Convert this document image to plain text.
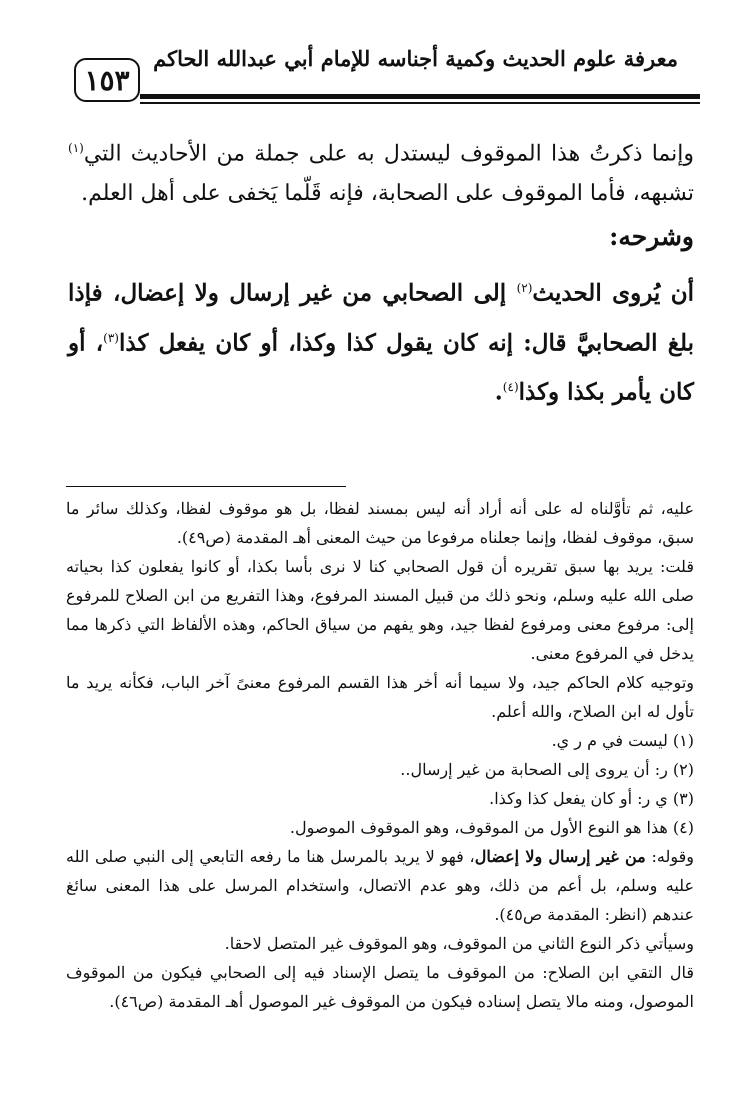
١٥٣
معرفة علوم الحديث وكمية أجناسه للإمام أبي عبدالله الحاكم
وإنما ذكرتُ هذا الموقوف ليستدل به على جملة من الأحاديث التي$^{(١)}$ تشبهه، فأما الموقوف على الصحابة، فإنه قَلّما يَخفى على أهل العلم.
وشرحه:
أن يُروى الحديث$^{(٢)}$ إلى الصحابي من غير إرسال ولا إعضال، فإذا بلغ الصحابيَّ قال: إنه كان يقول كذا وكذا، أو كان يفعل كذا$^{(٣)}$، أو كان يأمر بكذا وكذا$^{(٤)}$.

عليه، ثم تأوَّلناه له على أنه أراد أنه ليس بمسند لفظا، بل هو موقوف لفظا، وكذلك سائر ما سبق، موقوف لفظا، وإنما جعلناه مرفوعا من حيث المعنى أهـ المقدمة (ص٤٩).

قلت: يريد بها سبق تقريره أن قول الصحابي كنا لا نرى بأسا بكذا، أو كانوا يفعلون كذا بحياته صلى الله عليه وسلم، ونحو ذلك من قبيل المسند المرفوع، وهذا التفريع من ابن الصلاح للمرفوع إلى: مرفوع معنى ومرفوع لفظا جيد، وهو يفهم من سياق الحاكم، وهذه الألفاظ التي ذكرها مما يدخل في المرفوع معنى.

وتوجيه كلام الحاكم جيد، ولا سيما أنه أخر هذا القسم المرفوع معنىً آخر الباب، فكأنه يريد ما تأول له ابن الصلاح، والله أعلم.

(١) ليست في م ر ي.

(٢) ر: أن يروى إلى الصحابة من غير إرسال..

(٣) ي ر: أو كان يفعل كذا وكذا.

(٤) هذا هو النوع الأول من الموقوف، وهو الموقوف الموصول.

وقوله: من غير إرسال ولا إعضال، فهو لا يريد بالمرسل هنا ما رفعه التابعي إلى النبي صلى الله عليه وسلم، بل أعم من ذلك، وهو عدم الاتصال، واستخدام المرسل على هذا المعنى سائغ عندهم (انظر: المقدمة ص٤٥).

وسيأتي ذكر النوع الثاني من الموقوف، وهو الموقوف غير المتصل لاحقا.

قال التقي ابن الصلاح: من الموقوف ما يتصل الإسناد فيه إلى الصحابي فيكون من الموقوف الموصول، ومنه مالا يتصل إسناده فيكون من الموقوف غير الموصول أهـ المقدمة (ص٤٦).
